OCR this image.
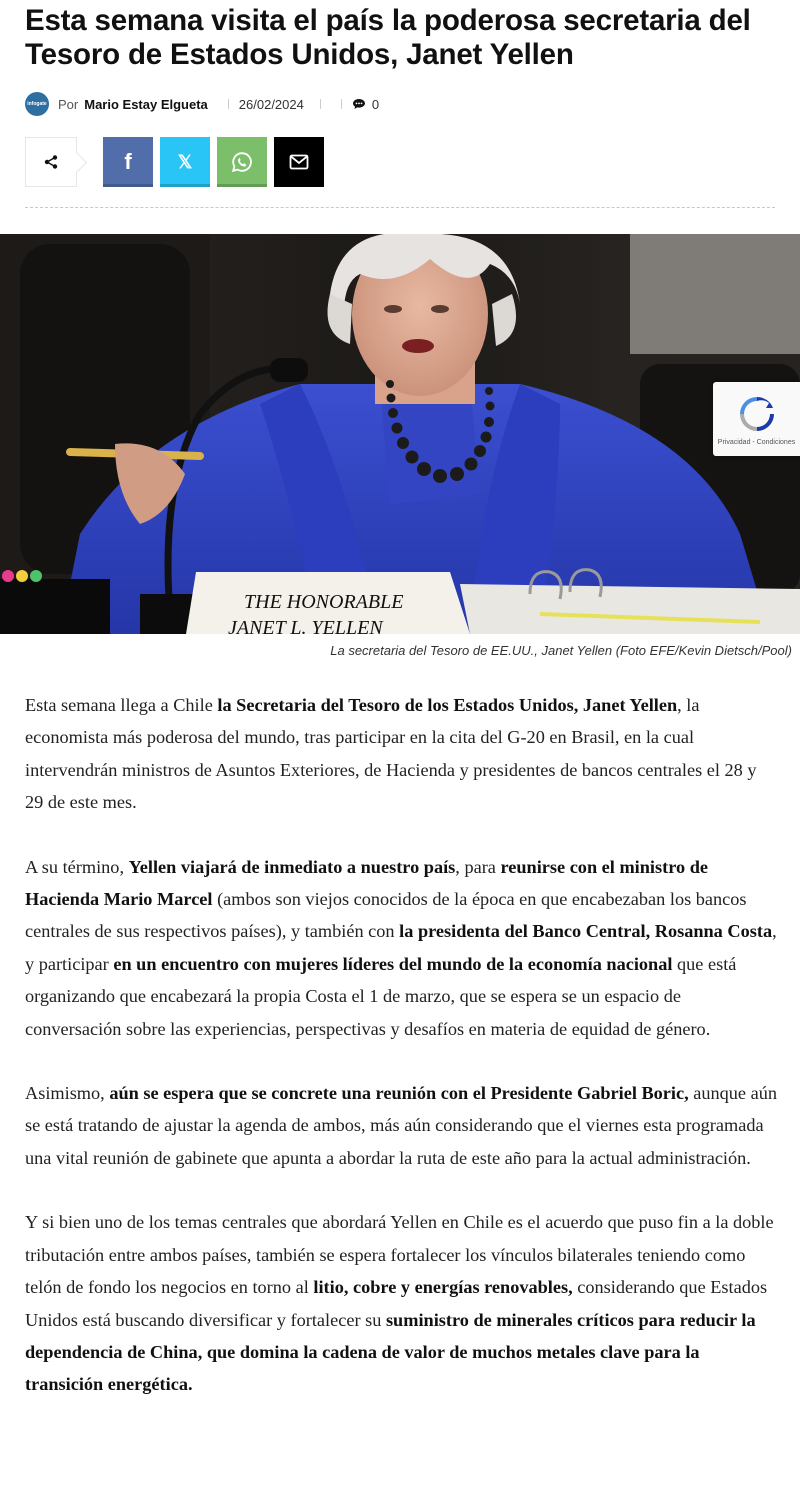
Esta semana visita el país la poderosa secretaria del Tesoro de Estados Unidos, Janet Yellen
infogate Por Mario Estay Elgueta 26/02/2024	0
f	𝕏
THE HONORABLE
JANET L. YELLEN
Privacidad - Condiciones
La secretaria del Tesoro de EE.UU., Janet Yellen (Foto EFE/Kevin Dietsch/Pool)

Esta semana llega a Chile la Secretaria del Tesoro de los Estados Unidos, Janet Yellen, la economista más poderosa del mundo, tras participar en la cita del G-20 en Brasil, en la cual intervendrán ministros de Asuntos Exteriores, de Hacienda y presidentes de bancos centrales el 28 y 29 de este mes.

A su término, Yellen viajará de inmediato a nuestro país, para reunirse con el ministro de Hacienda Mario Marcel (ambos son viejos conocidos de la época en que encabezaban los bancos centrales de sus respectivos países), y también con la presidenta del Banco Central, Rosanna Costa, y participar en un encuentro con mujeres líderes del mundo de la economía nacional que está organizando que encabezará la propia Costa el 1 de marzo, que se espera se un espacio de conversación sobre las experiencias, perspectivas y desafíos en materia de equidad de género.

Asimismo, aún se espera que se concrete una reunión con el Presidente Gabriel Boric, aunque aún se está tratando de ajustar la agenda de ambos, más aún considerando que el viernes esta programada una vital reunión de gabinete que apunta a abordar la ruta de este año para la actual administración.

Y si bien uno de los temas centrales que abordará Yellen en Chile es el acuerdo que puso fin a la doble tributación entre ambos países, también se espera fortalecer los vínculos bilaterales teniendo como telón de fondo los negocios en torno al litio, cobre y energías renovables, considerando que Estados Unidos está buscando diversificar y fortalecer su suministro de minerales críticos para reducir la dependencia de China, que domina la cadena de valor de muchos metales clave para la transición energética.
